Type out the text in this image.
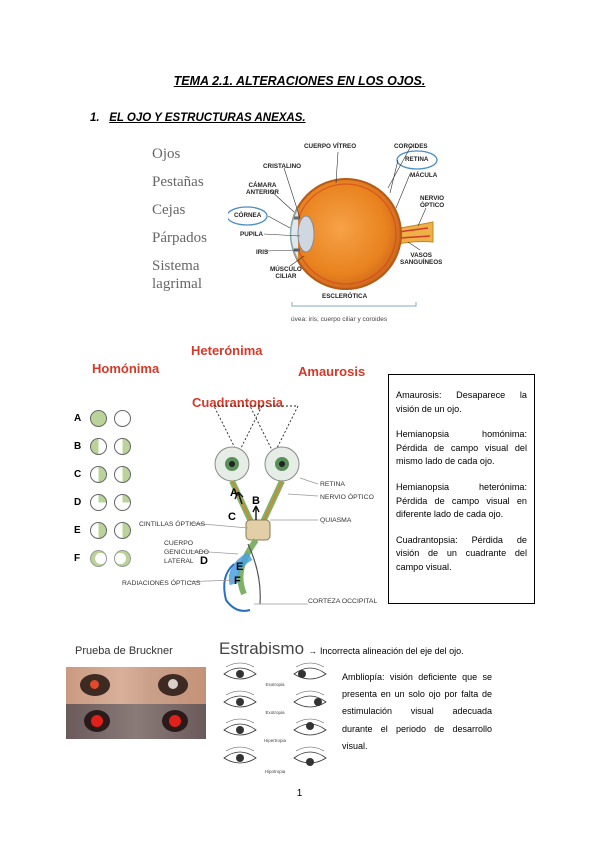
TEMA 2.1. ALTERACIONES EN LOS OJOS.
1. EL OJO Y ESTRUCTURAS ANEXAS.
Ojos
Pestañas
Cejas
Párpados
Sistema
lagrimal
CUERPO VÍTREO	COROIDES
RETINA
MÁCULA
NERVIO
ÓPTICO
VASOS
SANGUÍNEOS
CRISTALINO
CÁMARA
ANTERIOR
CÓRNEA
PUPILA
IRIS
MÚSCULO
CILIAR
ESCLERÓTICA
úvea: iris, cuerpo ciliar y coroides
Heterónima
Homónima	Amaurosis
Cuadrantopsia
A
B
C
D
E
F
A
B
C
D	E
F
RETINA
NERVIO ÓPTICO
QUIASMA
CINTILLAS ÓPTICAS
CUERPO
GENICULADO
LATERAL
RADIACIONES ÓPTICAS
CORTEZA OCCIPITAL

Amaurosis: Desaparece la visión de un ojo.

Hemianopsia homónima: Pérdida de campo visual del mismo lado de cada ojo.

Hemianopsia heterónima: Pérdida de campo visual en diferente lado de cada ojo.

Cuadrantopsia: Pérdida de visión de un cuadrante del campo visual.

Prueba de Bruckner	Estrabismo → Incorrecta alineación del eje del ojo.
Esotropia
Exotropia
Hipertropia
Hipotropia
Ambliopía: visión deficiente que se presenta en un solo ojo por falta de estimulación visual adecuada durante el periodo de desarrollo visual.
1
